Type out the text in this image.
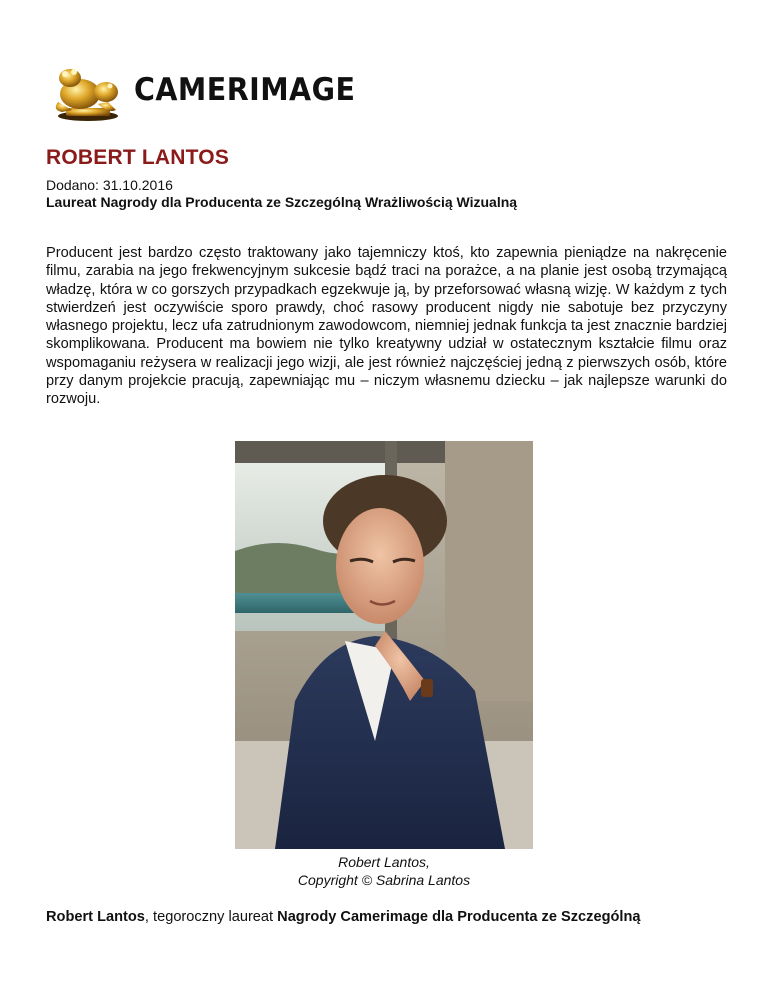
CAMERIMAGE
ROBERT LANTOS
Dodano: 31.10.2016
Laureat Nagrody dla Producenta ze Szczególną Wrażliwością Wizualną

Producent jest bardzo często traktowany jako tajemniczy ktoś, kto zapewnia pieniądze na nakręcenie filmu, zarabia na jego frekwencyjnym sukcesie bądź traci na porażce, a na planie jest osobą trzymającą władzę, która w co gorszych przypadkach egzekwuje ją, by przeforsować własną wizję. W każdym z tych stwierdzeń jest oczywiście sporo prawdy, choć rasowy producent nigdy nie sabotuje bez przyczyny własnego projektu, lecz ufa zatrudnionym zawodowcom, niemniej jednak funkcja ta jest znacznie bardziej skomplikowana. Producent ma bowiem nie tylko kreatywny udział w ostatecznym kształcie filmu oraz wspomaganiu reżysera w realizacji jego wizji, ale jest również najczęściej jedną z pierwszych osób, które przy danym projekcie pracują, zapewniając mu – niczym własnemu dziecku – jak najlepsze warunki do rozwoju.

Robert Lantos,
Copyright © Sabrina Lantos
Robert Lantos, tegoroczny laureat Nagrody Camerimage dla Producenta ze Szczególną
